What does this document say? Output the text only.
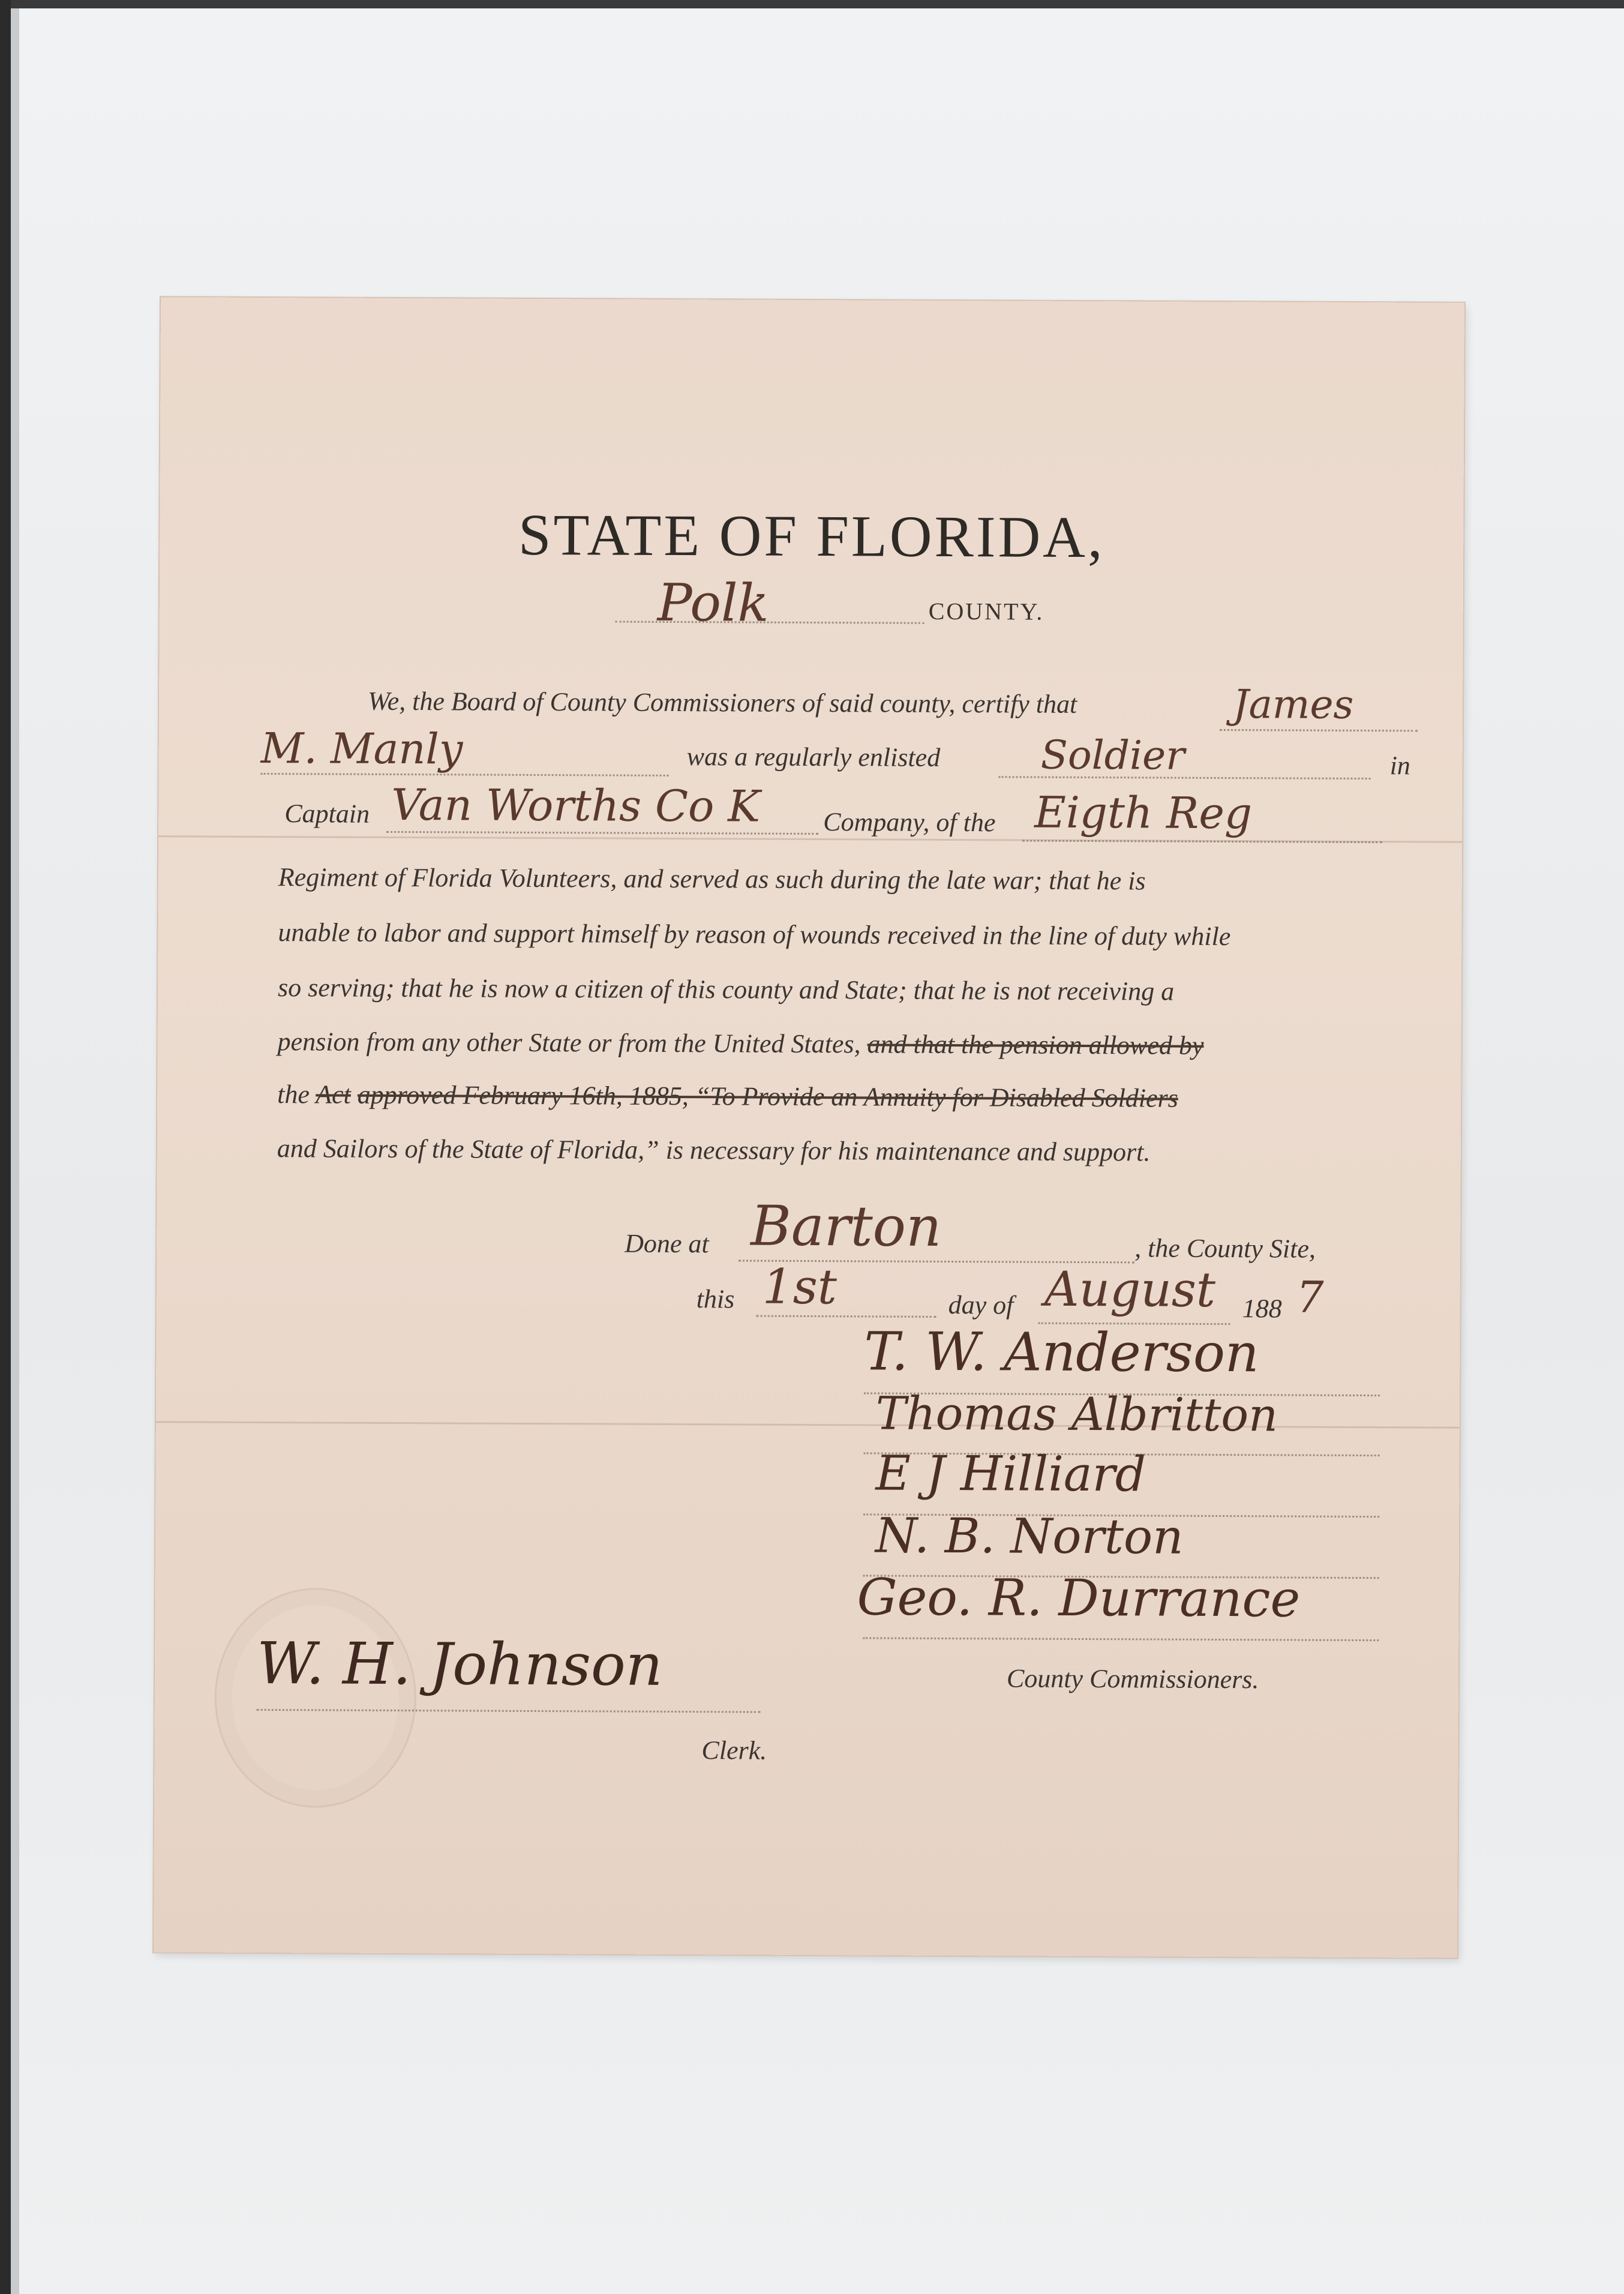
STATE OF FLORIDA,
Polk	COUNTY.
We, the Board of County Commissioners of said county, certify that	James
M. Manly	was a regularly enlisted	Soldier	in
Captain Van Worths Co K Company, of the Eigth Reg
Regiment of Florida Volunteers, and served as such during the late war; that he is
unable to labor and support himself by reason of wounds received in the line of duty while
so serving; that he is now a citizen of this county and State; that he is not receiving a
pension from any other State or from the United States, and that the pension allowed by
the Act approved February 16th, 1885, “To Provide an Annuity for Disabled Soldiers
and Sailors of the State of Florida,” is necessary for his maintenance and support.
Done at Barton	, the County Site,
this 1st	day of August 188 7
T. W. Anderson
Thomas Albritton
E J Hilliard
N. B. Norton
Geo. R. Durrance
County Commissioners.
W. H. Johnson
Clerk.
